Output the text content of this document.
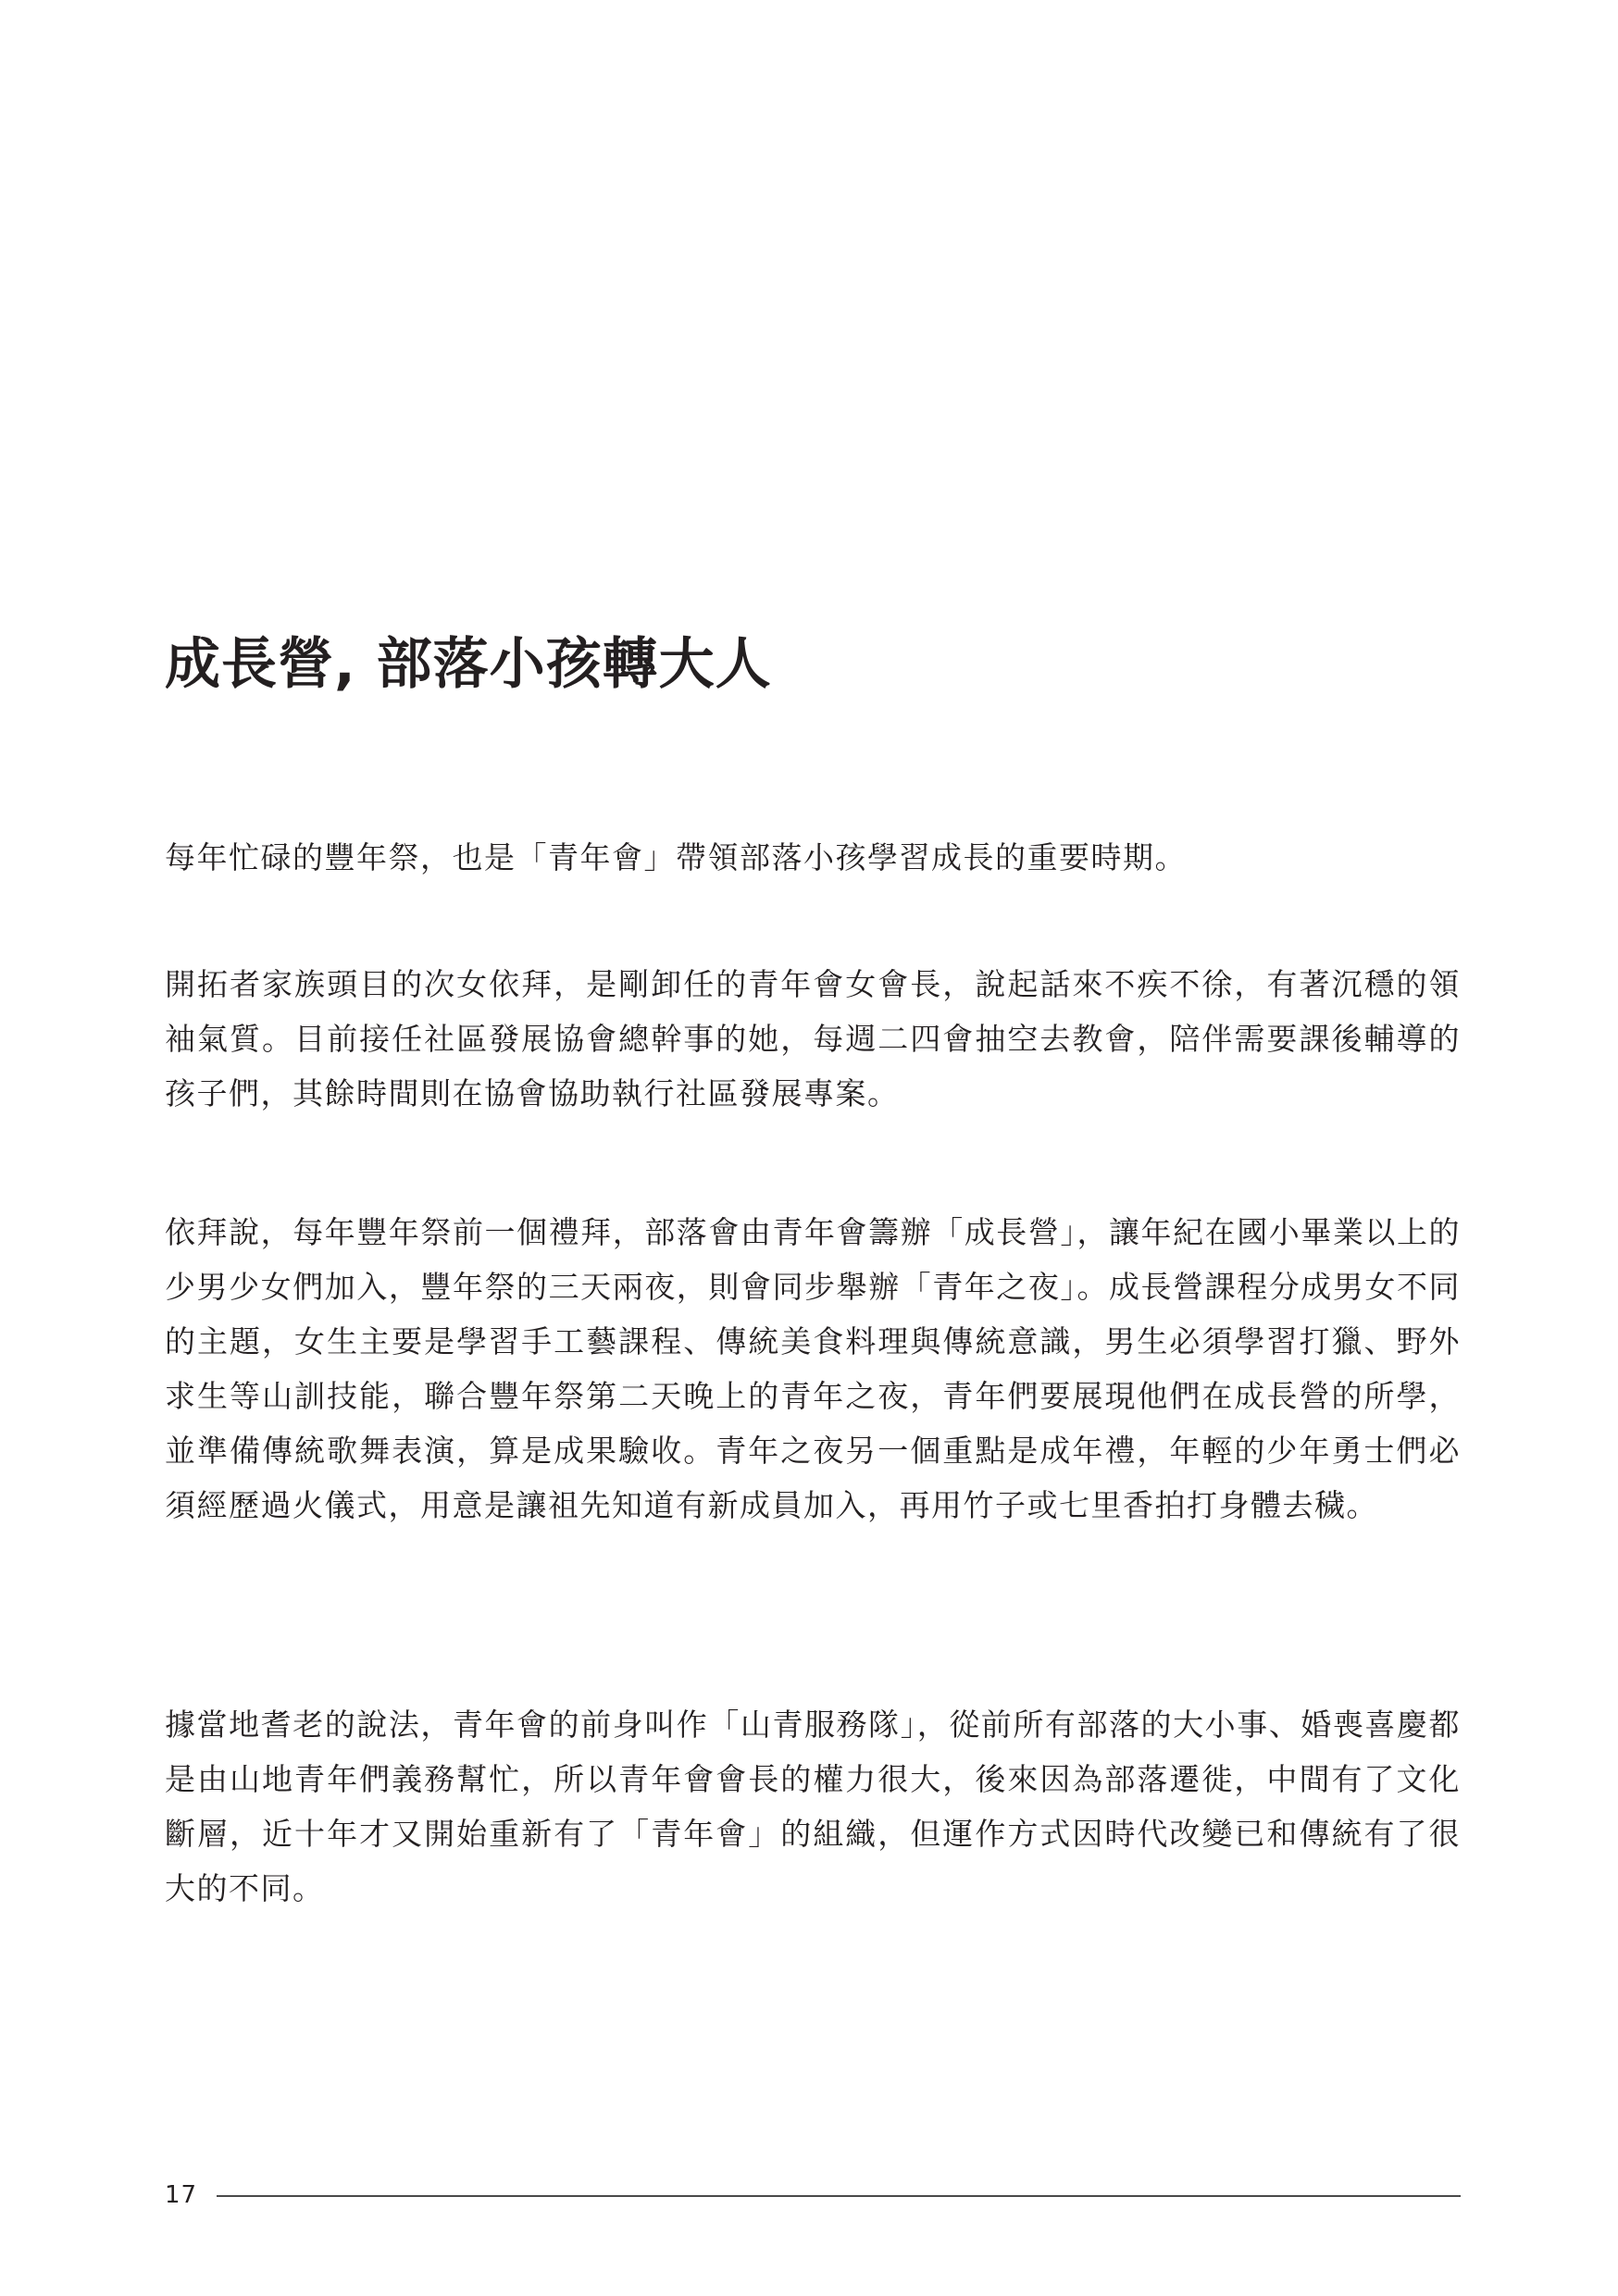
成長營, 部落小孩轉大人

每年忙碌的豐年祭，也是「青年會」帶領部落小孩學習成長的重要時期。

開拓者家族頭目的次女依拜，是剛卸任的青年會女會長，說起話來不疾不徐，有著沉穩的領袖氣質。目前接任社區發展協會總幹事的她，每週二四會抽空去教會，陪伴需要課後輔導的孩子們，其餘時間則在協會協助執行社區發展專案。

依拜說，每年豐年祭前一個禮拜，部落會由青年會籌辦「成長營」，讓年紀在國小畢業以上的少男少女們加入，豐年祭的三天兩夜，則會同步舉辦「青年之夜」。成長營課程分成男女不同的主題，女生主要是學習手工藝課程、傳統美食料理與傳統意識，男生必須學習打獵、野外求生等山訓技能，聯合豐年祭第二天晚上的青年之夜，青年們要展現他們在成長營的所學，並準備傳統歌舞表演，算是成果驗收。青年之夜另一個重點是成年禮，年輕的少年勇士們必須經歷過火儀式，用意是讓祖先知道有新成員加入，再用竹子或七里香拍打身體去穢。

據當地耆老的說法，青年會的前身叫作「山青服務隊」，從前所有部落的大小事、婚喪喜慶都是由山地青年們義務幫忙，所以青年會會長的權力很大，後來因為部落遷徙，中間有了文化斷層，近十年才又開始重新有了「青年會」的組織，但運作方式因時代改變已和傳統有了很大的不同。

17
